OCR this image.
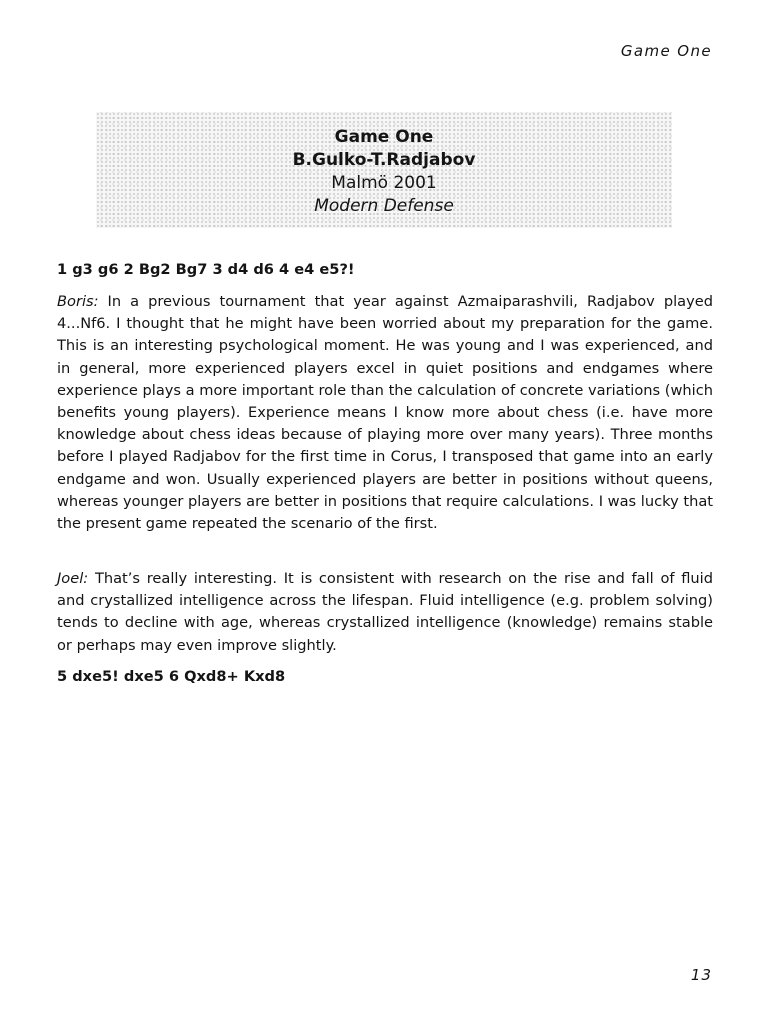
Game One
Game One
B.Gulko-T.Radjabov
Malmö 2001
Modern Defense
1 g3 g6 2 Bg2 Bg7 3 d4 d6 4 e4 e5?!
Boris: In a previous tournament that year against Azmaiparashvili, Radjabov played 4...Nf6. I thought that he might have been worried about my preparation for the game. This is an interesting psychological moment. He was young and I was experienced, and in general, more experienced players excel in quiet positions and endgames where experience plays a more important role than the calculation of concrete variations (which benefits young players). Experience means I know more about chess (i.e. have more knowledge about chess ideas because of playing more over many years). Three months before I played Radjabov for the first time in Corus, I transposed that game into an early endgame and won. Usually experienced players are better in positions without queens, whereas younger players are better in positions that require calculations. I was lucky that the present game repeated the scenario of the first.
Joel: That’s really interesting. It is consistent with research on the rise and fall of fluid and crystallized intelligence across the lifespan. Fluid intelligence (e.g. problem solving) tends to decline with age, whereas crystallized intelligence (knowledge) remains stable or perhaps may even improve slightly.
5 dxe5! dxe5 6 Qxd8+ Kxd8
13
